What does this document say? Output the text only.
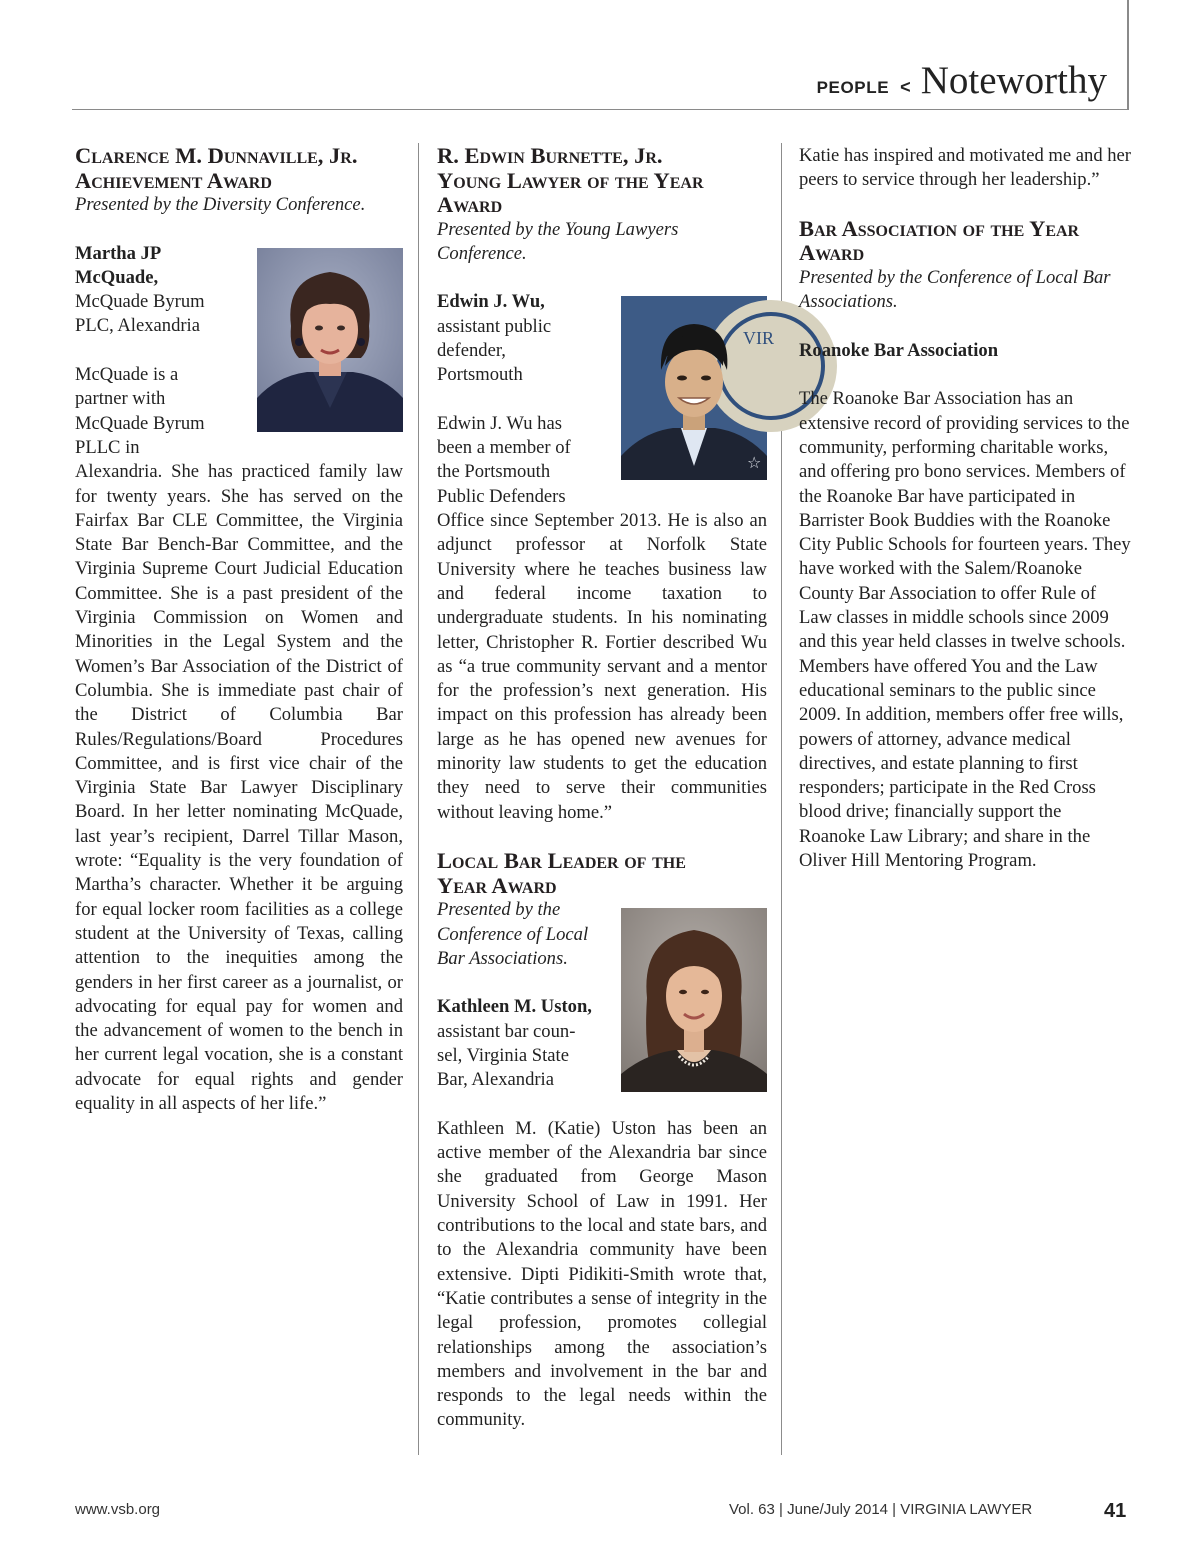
PEOPLE < Noteworthy
Clarence M. Dunnaville, Jr.
Achievement Award
Presented by the Diversity Conference.
Martha JP
McQuade,
McQuade Byrum
PLC, Alexandria
McQuade is a
partner with
McQuade Byrum
PLLC in
Alexandria. She has practiced family law for twenty years. She has served on the Fairfax Bar CLE Committee, the Virginia State Bar Bench-Bar Committee, and the Virginia Supreme Court Judicial Education Committee. She is a past president of the Virginia Commission on Women and Minorities in the Legal System and the Women’s Bar Association of the District of Columbia. She is immediate past chair of the District of Columbia Bar Rules/Regulations/Board Procedures Committee, and is first vice chair of the Virginia State Bar Lawyer Disciplinary Board. In her letter nominating McQuade, last year’s recipient, Darrel Tillar Mason, wrote: “Equality is the very foundation of Martha’s character. Whether it be arguing for equal locker room facilities as a college student at the University of Texas, calling attention to the inequities among the genders in her first career as a journalist, or advocating for equal pay for women and the advancement of women to the bench in her current legal vocation, she is a constant advocate for equal rights and gender equality in all aspects of her life.”
R. Edwin Burnette, Jr.
Young Lawyer of the Year
Award
Presented by the Young Lawyers
Conference.
VIR
☆
Edwin J. Wu,
assistant public
defender,
Portsmouth
Edwin J. Wu has
been a member of
the Portsmouth
Public Defenders
Office since September 2013. He is also an adjunct professor at Norfolk State University where he teaches business law and federal income taxation to undergraduate students. In his nominating letter, Christopher R. Fortier described Wu as “a true community servant and a mentor for the profession’s next generation. His impact on this profession has already been large as he has opened new avenues for minority law students to get the education they need to serve their communities without leaving home.”
Local Bar Leader of the
Year Award
Presented by the
Conference of Local
Bar Associations.
Kathleen M. Uston,
assistant bar coun-
sel, Virginia State
Bar, Alexandria
Kathleen M. (Katie) Uston has been an active member of the Alexandria bar since she graduated from George Mason University School of Law in 1991. Her contributions to the local and state bars, and to the Alexandria community have been extensive. Dipti Pidikiti-Smith wrote that, “Katie contributes a sense of integrity in the legal profession, promotes collegial relationships among the association’s members and involvement in the bar and responds to the legal needs within the community.
Katie has inspired and motivated me and her peers to service through her leadership.”
Bar Association of the Year
Award
Presented by the Conference of Local Bar Associations.
Roanoke Bar Association
The Roanoke Bar Association has an extensive record of providing services to the community, performing charitable works, and offering pro bono services. Members of the Roanoke Bar have participated in Barrister Book Buddies with the Roanoke City Public Schools for fourteen years. They have worked with the Salem/Roanoke County Bar Association to offer Rule of Law classes in middle schools since 2009 and this year held classes in twelve schools. Members have offered You and the Law educational seminars to the public since 2009. In addition, members offer free wills, powers of attorney, advance medical directives, and estate planning to first responders; participate in the Red Cross blood drive; financially support the Roanoke Law Library; and share in the Oliver Hill Mentoring Program.
www.vsb.org	Vol. 63 | June/July 2014 | VIRGINIA LAWYER	41
